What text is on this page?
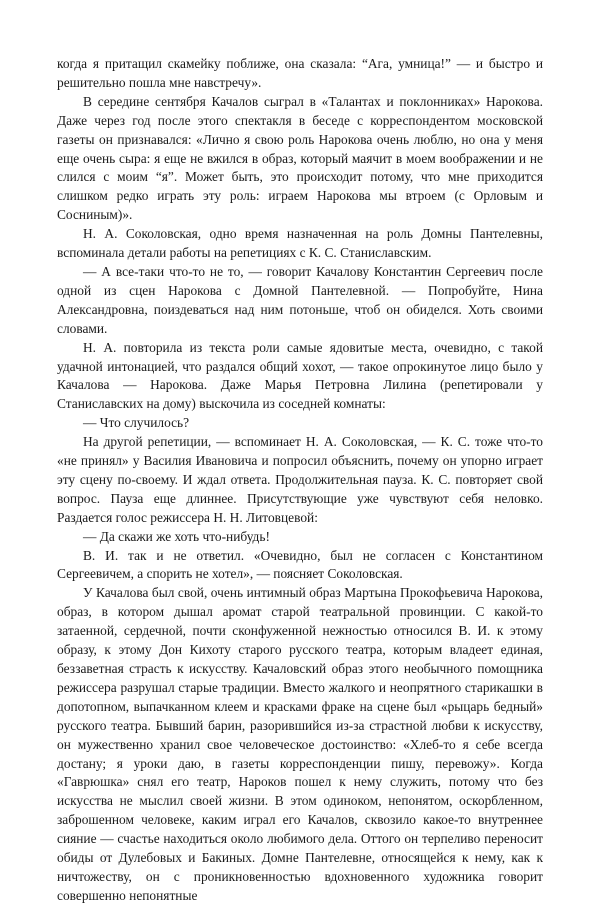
когда я притащил скамейку поближе, она сказала: “Ага, умница!” — и быстро и решительно пошла мне навстречу».

В середине сентября Качалов сыграл в «Талантах и поклонниках» Нарокова. Даже через год после этого спектакля в беседе с корреспондентом московской газеты он признавался: «Лично я свою роль Нарокова очень люблю, но она у меня еще очень сыра: я еще не вжился в образ, который маячит в моем воображении и не слился с моим “я”. Может быть, это происходит потому, что мне приходится слишком редко играть эту роль: играем Нарокова мы втроем (с Орловым и Сосниным)».

Н. А. Соколовская, одно время назначенная на роль Домны Пантелевны, вспоминала детали работы на репетициях с К. С. Станиславским.

— А все-таки что-то не то, — говорит Качалову Константин Сергеевич после одной из сцен Нарокова с Домной Пантелевной. — Попробуйте, Нина Александровна, поиздеваться над ним потоньше, чтоб он обиделся. Хоть своими словами.

Н. А. повторила из текста роли самые ядовитые места, очевидно, с такой удачной интонацией, что раздался общий хохот, — такое опрокинутое лицо было у Качалова — Нарокова. Даже Марья Петровна Лилина (репетировали у Станиславских на дому) выскочила из соседней комнаты:

— Что случилось?

На другой репетиции, — вспоминает Н. А. Соколовская, — К. С. тоже что-то «не принял» у Василия Ивановича и попросил объяснить, почему он упорно играет эту сцену по-своему. И ждал ответа. Продолжительная пауза. К. С. повторяет свой вопрос. Пауза еще длиннее. Присутствующие уже чувствуют себя неловко. Раздается голос режиссера Н. Н. Литовцевой:

— Да скажи же хоть что-нибудь!

В. И. так и не ответил. «Очевидно, был не согласен с Константином Сергеевичем, а спорить не хотел», — поясняет Соколовская.

У Качалова был свой, очень интимный образ Мартына Прокофьевича Нарокова, образ, в котором дышал аромат старой театральной провинции. С какой-то затаенной, сердечной, почти сконфуженной нежностью относился В. И. к этому образу, к этому Дон Кихоту старого русского театра, которым владеет единая, беззаветная страсть к искусству. Качаловский образ этого необычного помощника режиссера разрушал старые традиции. Вместо жалкого и неопрятного старикашки в допотопном, выпачканном клеем и красками фраке на сцене был «рыцарь бедный» русского театра. Бывший барин, разорившийся из-за страстной любви к искусству, он мужественно хранил свое человеческое достоинство: «Хлеб-то я себе всегда достану; я уроки даю, в газеты корреспонденции пишу, перевожу». Когда «Гаврюшка» снял его театр, Нароков пошел к нему служить, потому что без искусства не мыслил своей жизни. В этом одиноком, непонятом, оскорбленном, заброшенном человеке, каким играл его Качалов, сквозило какое-то внутреннее сияние — счастье находиться около любимого дела. Оттого он терпеливо переносит обиды от Дулебовых и Бакиных. Домне Пантелевне, относящейся к нему, как к ничтожеству, он с проникновенностью вдохновенного художника говорит совершенно непонятные
